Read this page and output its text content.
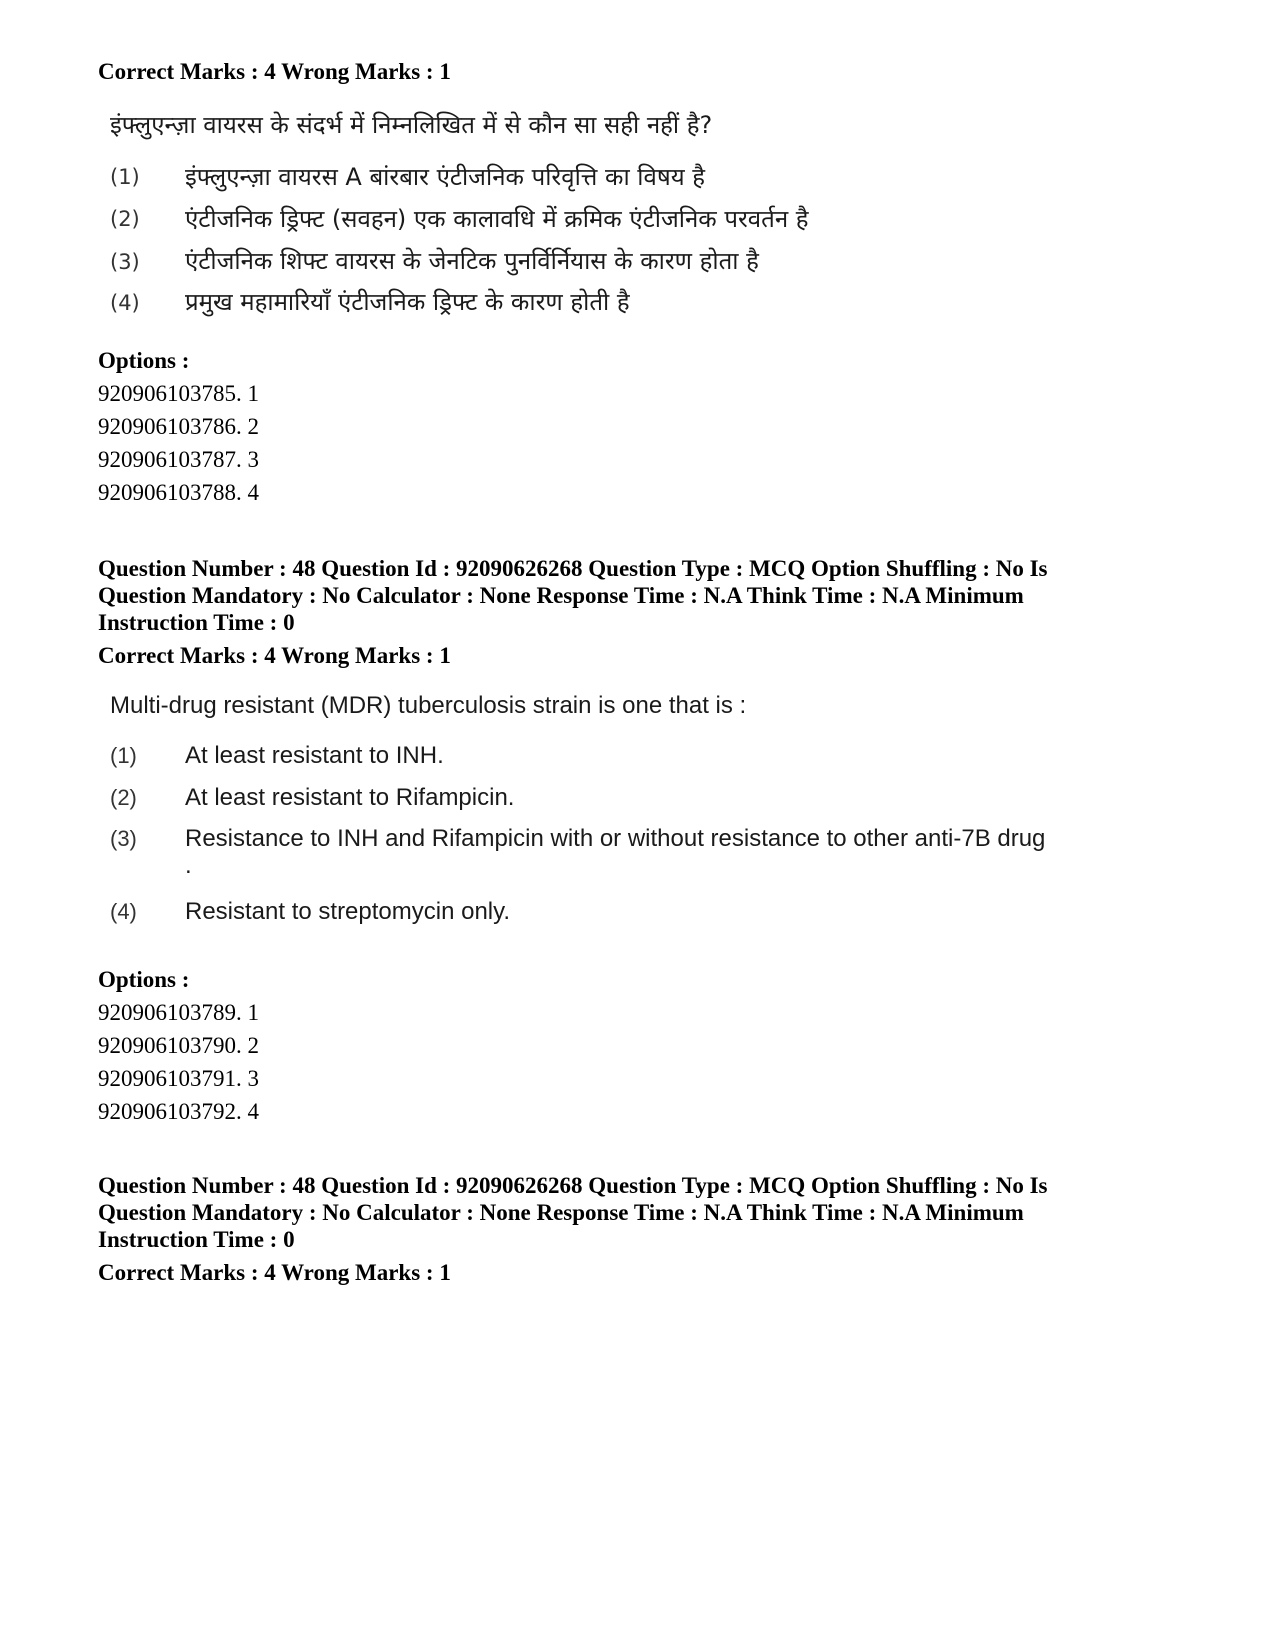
Correct Marks : 4 Wrong Marks : 1
इंफ्लुएन्ज़ा वायरस के संदर्भ में निम्नलिखित में से कौन सा सही नहीं है?
(1) इंफ्लुएन्ज़ा वायरस A बांरबार एंटीजनिक परिवृत्ति का विषय है
(2) एंटीजनिक ड्रिफ्ट (सवहन) एक कालावधि में क्रमिक एंटीजनिक परवर्तन है
(3) एंटीजनिक शिफ्ट वायरस के जेनटिक पुनर्विर्नियास के कारण होता है
(4) प्रमुख महामारियाँ एंटीजनिक ड्रिफ्ट के कारण होती है
Options :
920906103785. 1
920906103786. 2
920906103787. 3
920906103788. 4
Question Number : 48 Question Id : 92090626268 Question Type : MCQ Option Shuffling : No Is
Question Mandatory : No Calculator : None Response Time : N.A Think Time : N.A Minimum
Instruction Time : 0
Correct Marks : 4 Wrong Marks : 1
Multi-drug resistant (MDR) tuberculosis strain is one that is :
(1) At least resistant to INH.
(2) At least resistant to Rifampicin.
(3) Resistance to INH and Rifampicin with or without resistance to other anti-7B drug
.
(4) Resistant to streptomycin only.
Options :
920906103789. 1
920906103790. 2
920906103791. 3
920906103792. 4
Question Number : 48 Question Id : 92090626268 Question Type : MCQ Option Shuffling : No Is
Question Mandatory : No Calculator : None Response Time : N.A Think Time : N.A Minimum
Instruction Time : 0
Correct Marks : 4 Wrong Marks : 1
